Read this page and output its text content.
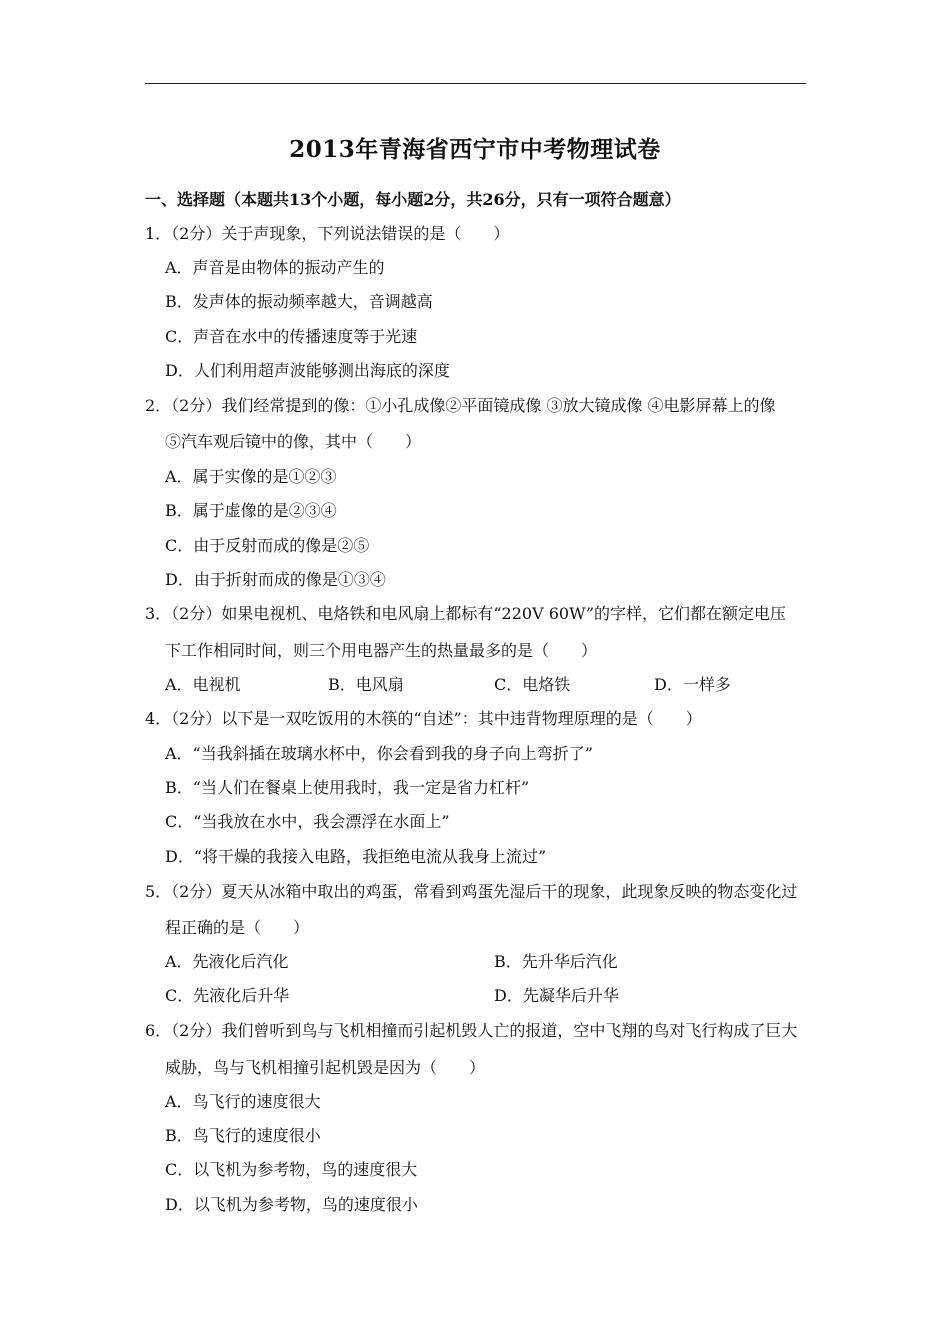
2013年青海省西宁市中考物理试卷
一、选择题（本题共13个小题，每小题2分，共26分，只有一项符合题意）
1．（2分）关于声现象，下列说法错误的是（　　）
A．声音是由物体的振动产生的
B．发声体的振动频率越大，音调越高
C．声音在水中的传播速度等于光速
D．人们利用超声波能够测出海底的深度
2．（2分）我们经常提到的像：①小孔成像②平面镜成像 ③放大镜成像 ④电影屏幕上的像
⑤汽车观后镜中的像，其中（　　）
A．属于实像的是①②③
B．属于虚像的是②③④
C．由于反射而成的像是②⑤
D．由于折射而成的像是①③④
3．（2分）如果电视机、电烙铁和电风扇上都标有“220V 60W”的字样，它们都在额定电压
下工作相同时间，则三个用电器产生的热量最多的是（　　）
A．电视机	B．电风扇	C．电烙铁	D．一样多
4．（2分）以下是一双吃饭用的木筷的“自述”：其中违背物理原理的是（　　）
A．“当我斜插在玻璃水杯中，你会看到我的身子向上弯折了”
B．“当人们在餐桌上使用我时，我一定是省力杠杆”
C．“当我放在水中，我会漂浮在水面上”
D．“将干燥的我接入电路，我拒绝电流从我身上流过”
5．（2分）夏天从冰箱中取出的鸡蛋，常看到鸡蛋先湿后干的现象，此现象反映的物态变化过
程正确的是（　　）
A．先液化后汽化	B．先升华后汽化
C．先液化后升华	D．先凝华后升华
6．（2分）我们曾听到鸟与飞机相撞而引起机毁人亡的报道，空中飞翔的鸟对飞行构成了巨大
威胁，鸟与飞机相撞引起机毁是因为（　　）
A．鸟飞行的速度很大
B．鸟飞行的速度很小
C．以飞机为参考物，鸟的速度很大
D．以飞机为参考物，鸟的速度很小
